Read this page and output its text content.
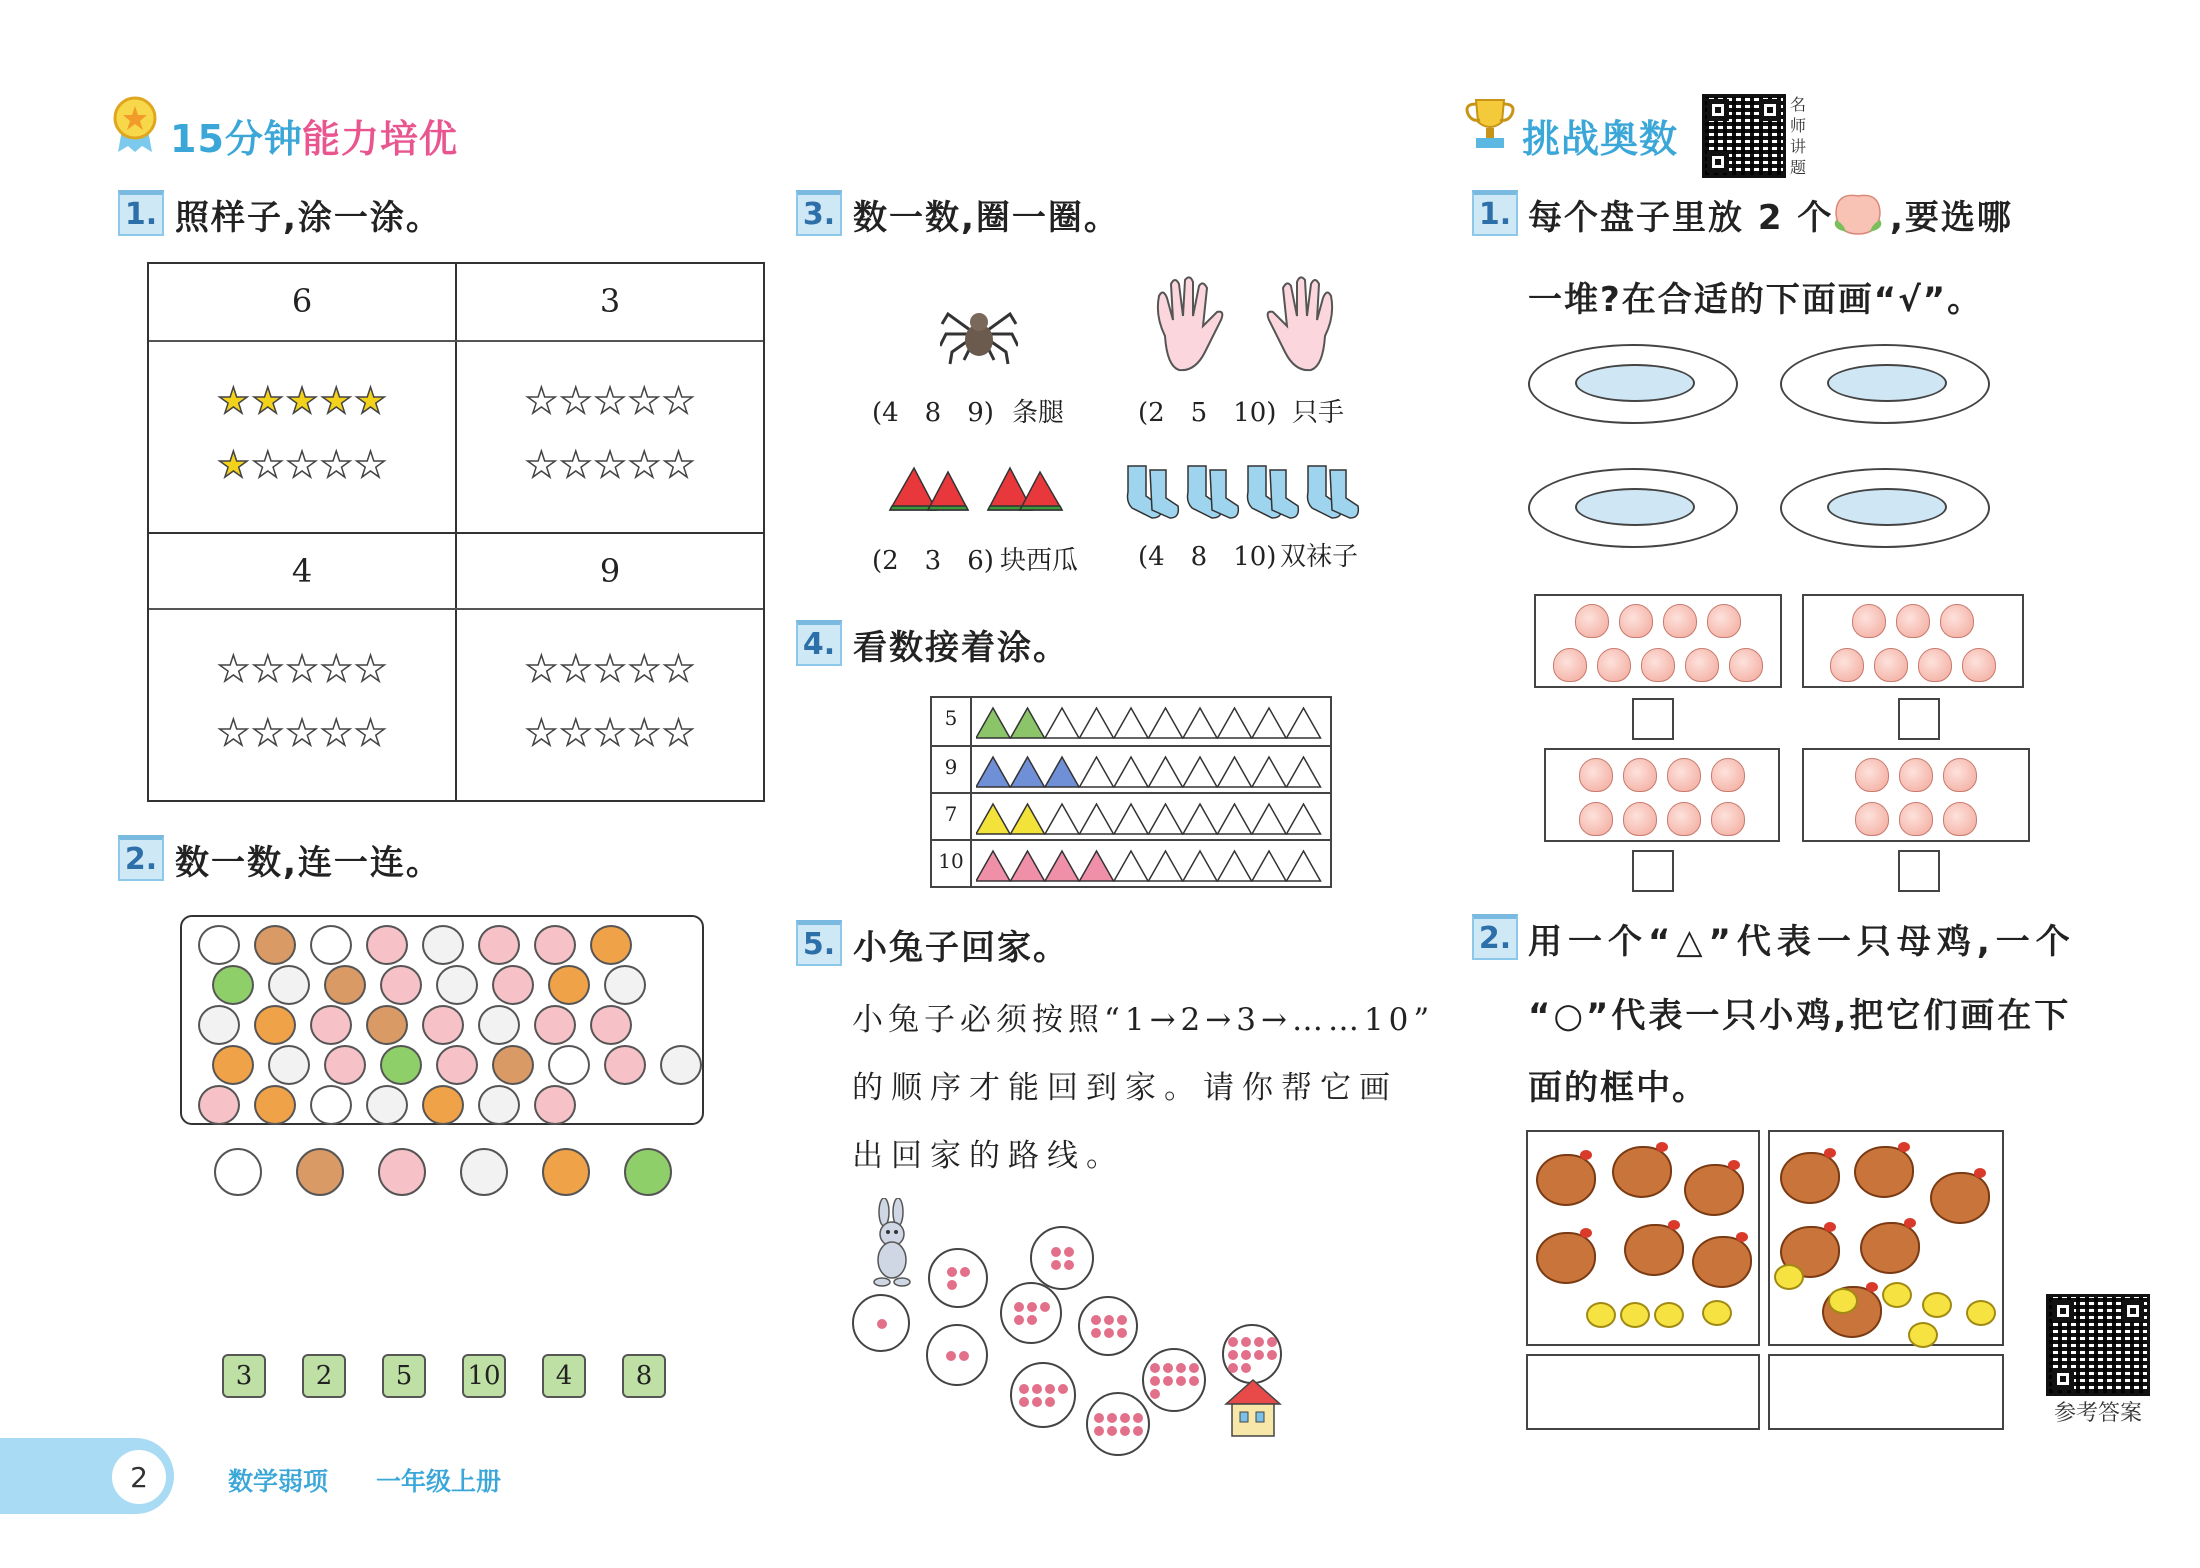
15分钟 能力培优
1. 照样子,涂一涂。
6
★ ★ ★ ★ ★
★ ★ ★ ★ ★
3
★ ★ ★ ★ ★
★ ★ ★ ★ ★
4
★ ★ ★ ★ ★
★ ★ ★ ★ ★
9
★ ★ ★ ★ ★
★ ★ ★ ★ ★
2. 数一数,连一连。
3	2	5	10	4	8
3. 数一数,圈一圈。
(4　8　9) 条腿	(2　5　10) 只手
(2　3　6) 块西瓜 (4　8　10) 双袜子
4. 看数接着涂。
5
9
7
10
5. 小兔子回家。
小兔子必须按照“1→2→3→……10”
的顺序才能回到家。请你帮它画
出回家的路线。
挑战奥数
名
师
讲
题
1. 每个盘子里放 2 个 ,要选哪
一堆?在合适的下面画“√”。
2. 用一个“△”代表一只母鸡,一个
“○”代表一只小鸡,把它们画在下
面的框中。
参考答案
2	数学弱项 一年级上册
